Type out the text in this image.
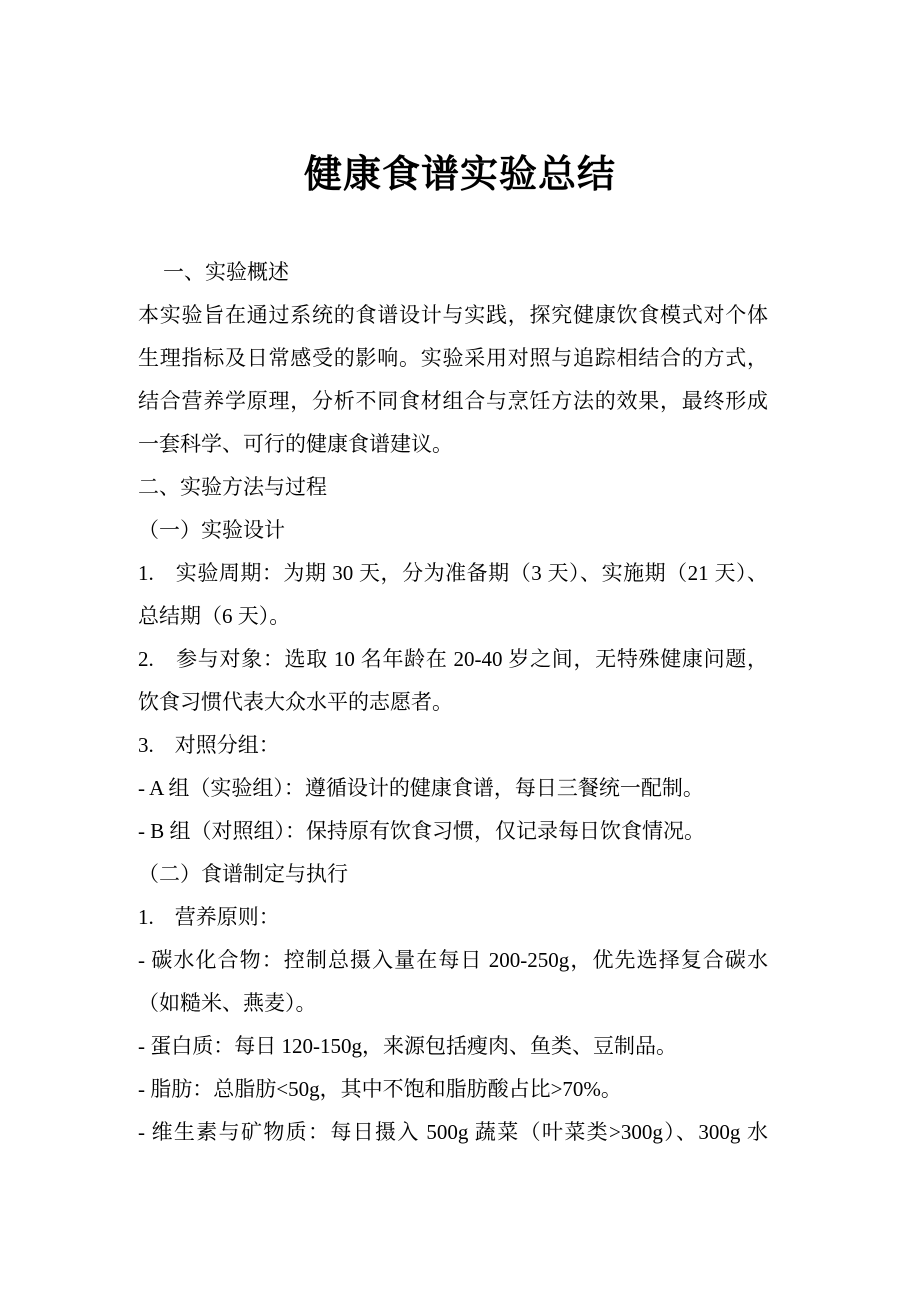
健康食谱实验总结
一、实验概述
本实验旨在通过系统的食谱设计与实践，探究健康饮食模式对个体
生理指标及日常感受的影响。实验采用对照与追踪相结合的方式，
结合营养学原理，分析不同食材组合与烹饪方法的效果，最终形成
一套科学、可行的健康食谱建议。
二、实验方法与过程
（一）实验设计
1.　实验周期：为期 30 天，分为准备期（3 天）、实施期（21 天）、
总结期（6 天）。
2.　参与对象：选取 10 名年龄在 20-40 岁之间，无特殊健康问题，
饮食习惯代表大众水平的志愿者。
3.　对照分组：
- A 组（实验组）：遵循设计的健康食谱，每日三餐统一配制。
- B 组（对照组）：保持原有饮食习惯，仅记录每日饮食情况。
（二）食谱制定与执行
1.　营养原则：
- 碳水化合物：控制总摄入量在每日 200-250g，优先选择复合碳水
（如糙米、燕麦）。
- 蛋白质：每日 120-150g，来源包括瘦肉、鱼类、豆制品。
- 脂肪：总脂肪<50g，其中不饱和脂肪酸占比>70%。
- 维生素与矿物质：每日摄入 500g 蔬菜（叶菜类>300g）、300g 水
